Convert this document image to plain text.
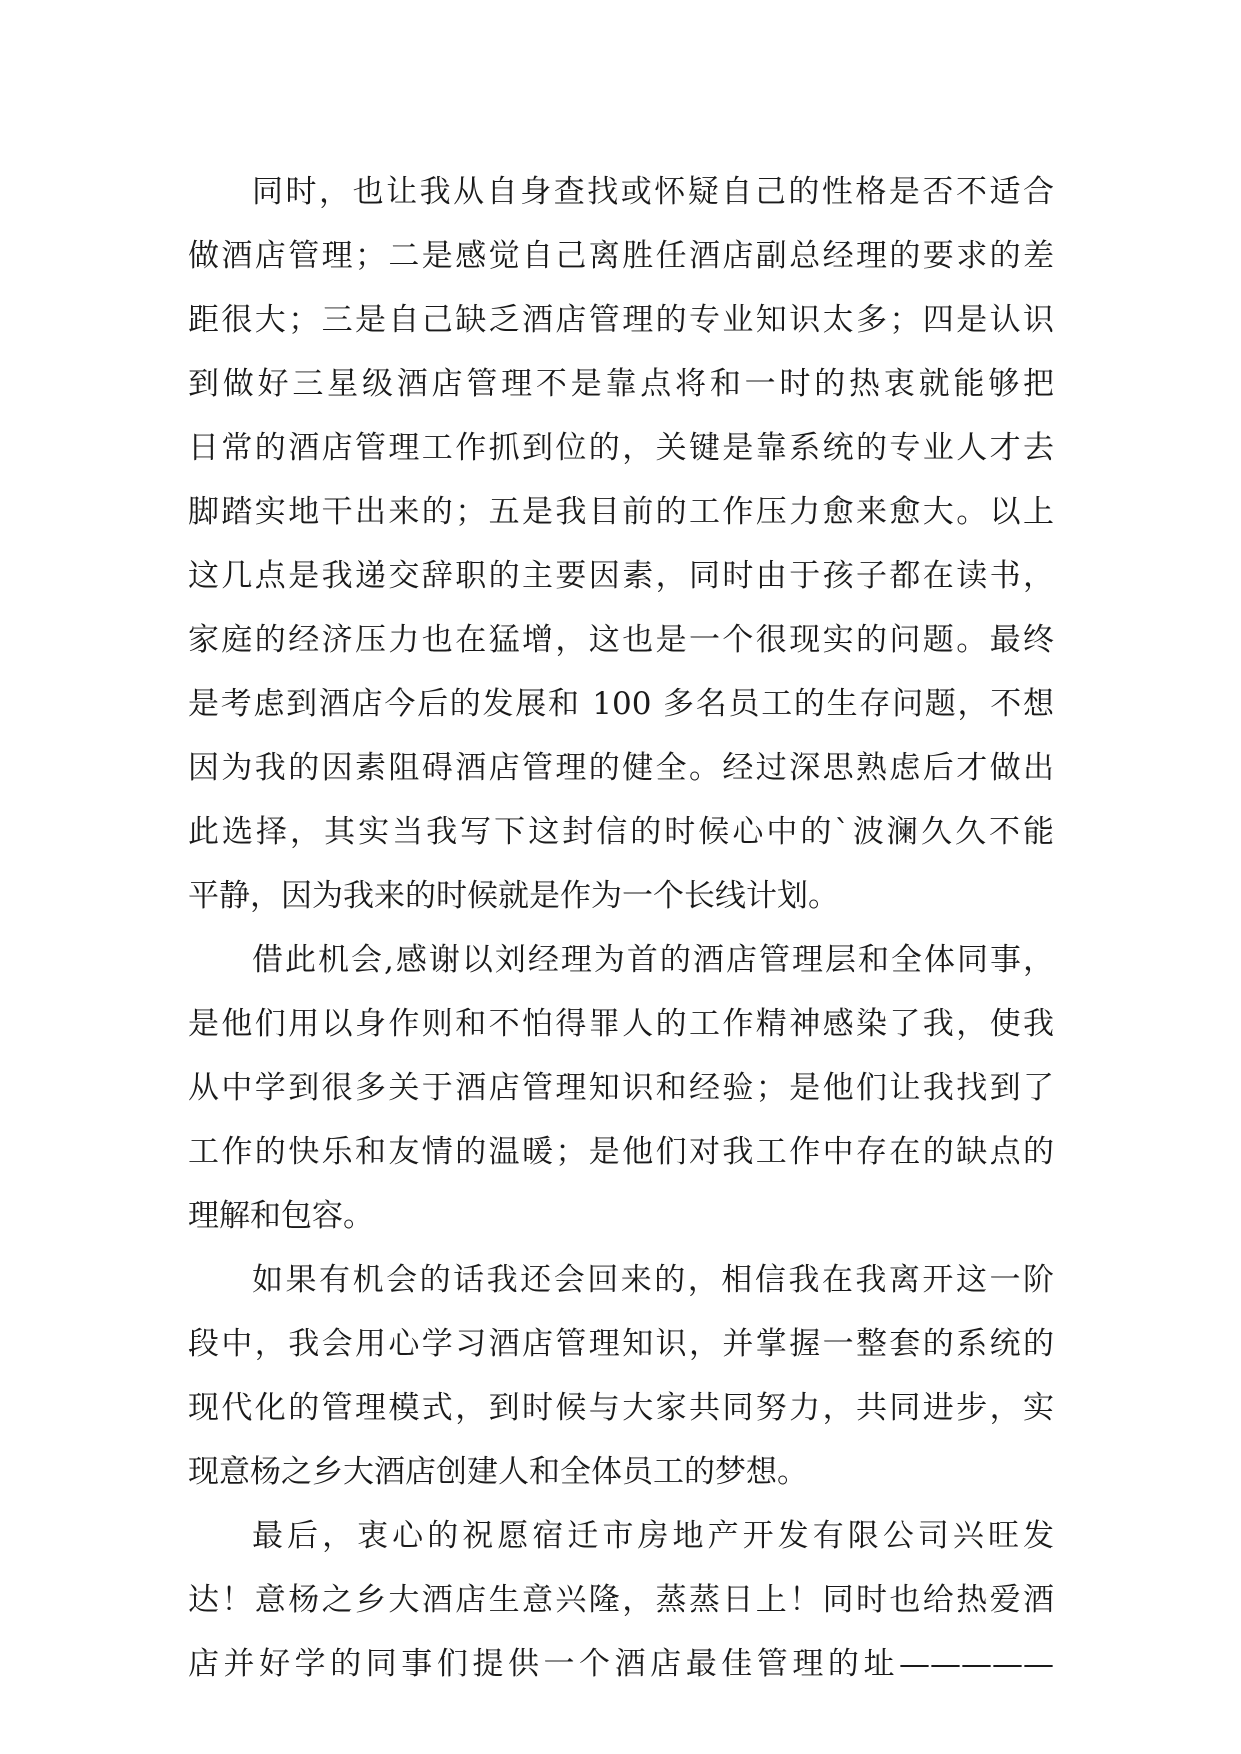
同时，也让我从自身查找或怀疑自己的性格是否不适合
做酒店管理；二是感觉自己离胜任酒店副总经理的要求的差
距很大；三是自己缺乏酒店管理的专业知识太多；四是认识
到做好三星级酒店管理不是靠点将和一时的热衷就能够把
日常的酒店管理工作抓到位的，关键是靠系统的专业人才去
脚踏实地干出来的；五是我目前的工作压力愈来愈大。以上
这几点是我递交辞职的主要因素，同时由于孩子都在读书，
家庭的经济压力也在猛增，这也是一个很现实的问题。最终
是考虑到酒店今后的发展和 100 多名员工的生存问题，不想
因为我的因素阻碍酒店管理的健全。经过深思熟虑后才做出
此选择，其实当我写下这封信的时候心中的`波澜久久不能
平静，因为我来的时候就是作为一个长线计划。
借此机会,感谢以刘经理为首的酒店管理层和全体同事，
是他们用以身作则和不怕得罪人的工作精神感染了我，使我
从中学到很多关于酒店管理知识和经验；是他们让我找到了
工作的快乐和友情的温暖；是他们对我工作中存在的缺点的
理解和包容。
如果有机会的话我还会回来的，相信我在我离开这一阶
段中，我会用心学习酒店管理知识，并掌握一整套的系统的
现代化的管理模式，到时候与大家共同努力，共同进步，实
现意杨之乡大酒店创建人和全体员工的梦想。
最后，衷心的祝愿宿迁市房地产开发有限公司兴旺发
达！意杨之乡大酒店生意兴隆，蒸蒸日上！同时也给热爱酒
店并好学的同事们提供一个酒店最佳管理的址—————
